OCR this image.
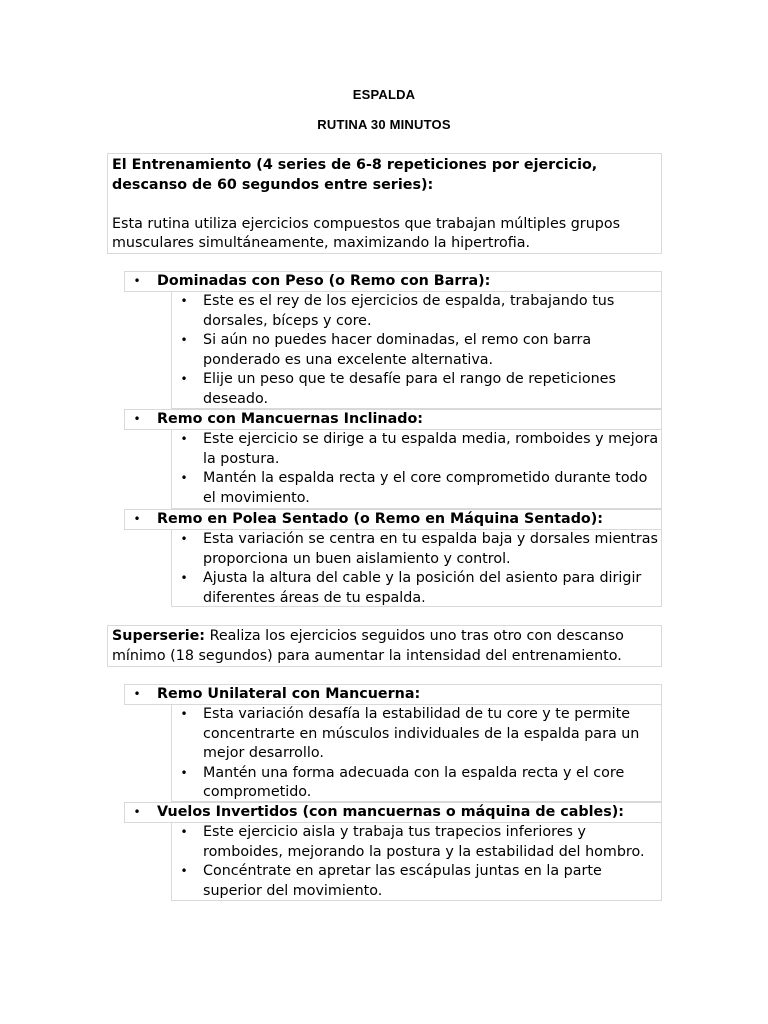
ESPALDA
RUTINA 30 MINUTOS

El Entrenamiento (4 series de 6-8 repeticiones por ejercicio, descanso de 60 segundos entre series):

Esta rutina utiliza ejercicios compuestos que trabajan múltiples grupos musculares simultáneamente, maximizando la hipertrofia.

• Dominadas con Peso (o Remo con Barra):
• Este es el rey de los ejercicios de espalda, trabajando tus dorsales, bíceps y core.
• Si aún no puedes hacer dominadas, el remo con barra ponderado es una excelente alternativa.
• Elije un peso que te desafíe para el rango de repeticiones deseado.
• Remo con Mancuernas Inclinado:
• Este ejercicio se dirige a tu espalda media, romboides y mejora la postura.
• Mantén la espalda recta y el core comprometido durante todo el movimiento.
• Remo en Polea Sentado (o Remo en Máquina Sentado):
• Esta variación se centra en tu espalda baja y dorsales mientras proporciona un buen aislamiento y control.
• Ajusta la altura del cable y la posición del asiento para dirigir diferentes áreas de tu espalda.

Superserie: Realiza los ejercicios seguidos uno tras otro con descanso mínimo (18 segundos) para aumentar la intensidad del entrenamiento.

• Remo Unilateral con Mancuerna:
• Esta variación desafía la estabilidad de tu core y te permite concentrarte en músculos individuales de la espalda para un mejor desarrollo.
• Mantén una forma adecuada con la espalda recta y el core comprometido.
• Vuelos Invertidos (con mancuernas o máquina de cables):
• Este ejercicio aisla y trabaja tus trapecios inferiores y romboides, mejorando la postura y la estabilidad del hombro.
• Concéntrate en apretar las escápulas juntas en la parte superior del movimiento.
